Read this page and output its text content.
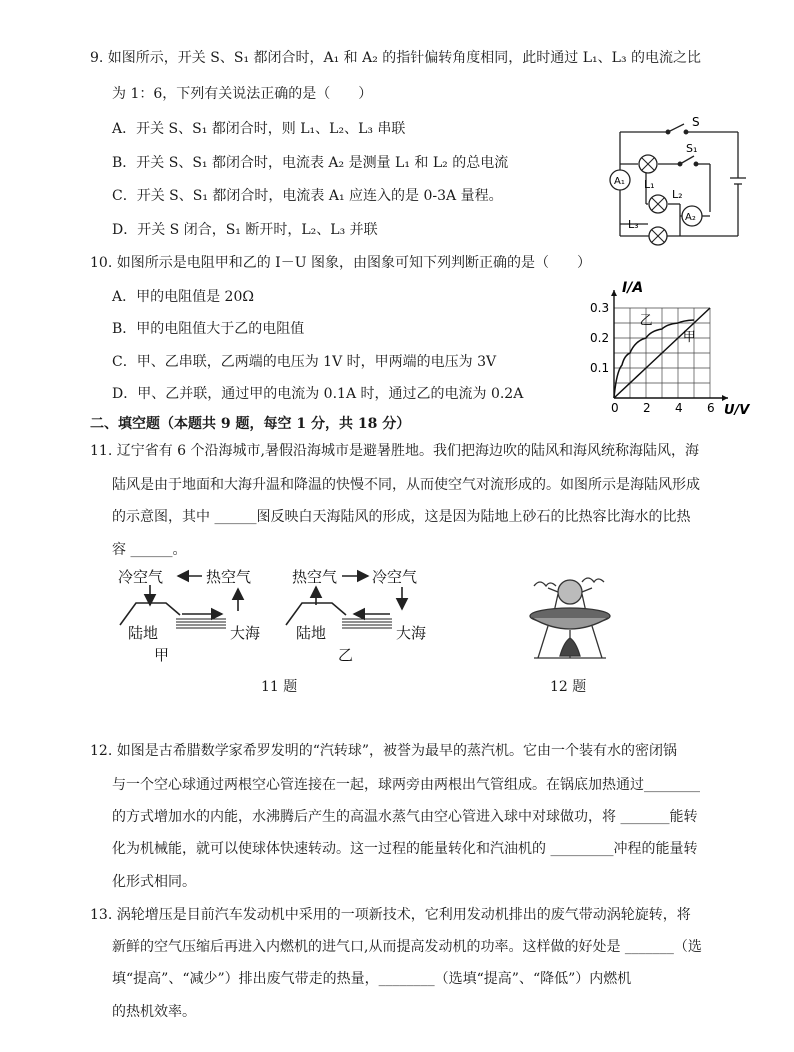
9. 如图所示，开关 S、S₁ 都闭合时，A₁ 和 A₂ 的指针偏转角度相同，此时通过 L₁、L₃ 的电流之比
为 1：6，下列有关说法正确的是（　　）
A．开关 S、S₁ 都闭合时，则 L₁、L₂、L₃ 串联
B．开关 S、S₁ 都闭合时，电流表 A₂ 是测量 L₁ 和 L₂ 的总电流
C．开关 S、S₁ 都闭合时，电流表 A₁ 应连入的是 0-3A 量程。
D．开关 S 闭合，S₁ 断开时，L₂、L₃ 并联
A₁
A₂
S
S₁
L₁
L₂
L₃
10. 如图所示是电阻甲和乙的 I－U 图象，由图象可知下列判断正确的是（　　）
A．甲的电阻值是 20Ω
B．甲的电阻值大于乙的电阻值
C．甲、乙串联，乙两端的电压为 1V 时，甲两端的电压为 3V
D．甲、乙并联，通过甲的电流为 0.1A 时，通过乙的电流为 0.2A
0 2 4 6
0.1
0.2
0.3
U/V
I/A
甲
乙
二、填空题（本题共 9 题，每空 1 分，共 18 分）
11. 辽宁省有 6 个沿海城市,暑假沿海城市是避暑胜地。我们把海边吹的陆风和海风统称海陆风，海
陆风是由于地面和大海升温和降温的快慢不同，从而使空气对流形成的。如图所示是海陆风形成
的示意图，其中 ______图反映白天海陆风的形成，这是因为陆地上砂石的比热容比海水的比热
容 ______。
冷空气	热空气
陆地	大海
甲
热空气 冷空气
陆地	大海
乙
11 题	12 题
12. 如图是古希腊数学家希罗发明的“汽转球”，被誉为最早的蒸汽机。它由一个装有水的密闭锅
与一个空心球通过两根空心管连接在一起，球两旁由两根出气管组成。在锅底加热通过________
的方式增加水的内能，水沸腾后产生的高温水蒸气由空心管进入球中对球做功，将 _______能转
化为机械能，就可以使球体快速转动。这一过程的能量转化和汽油机的 _________冲程的能量转
化形式相同。
13. 涡轮增压是目前汽车发动机中采用的一项新技术，它利用发动机排出的废气带动涡轮旋转，将
新鲜的空气压缩后再进入内燃机的进气口,从而提高发动机的功率。这样做的好处是 _______（选
填“提高”、“减少”）排出废气带走的热量，________（选填“提高”、“降低”）内燃机
的热机效率。
